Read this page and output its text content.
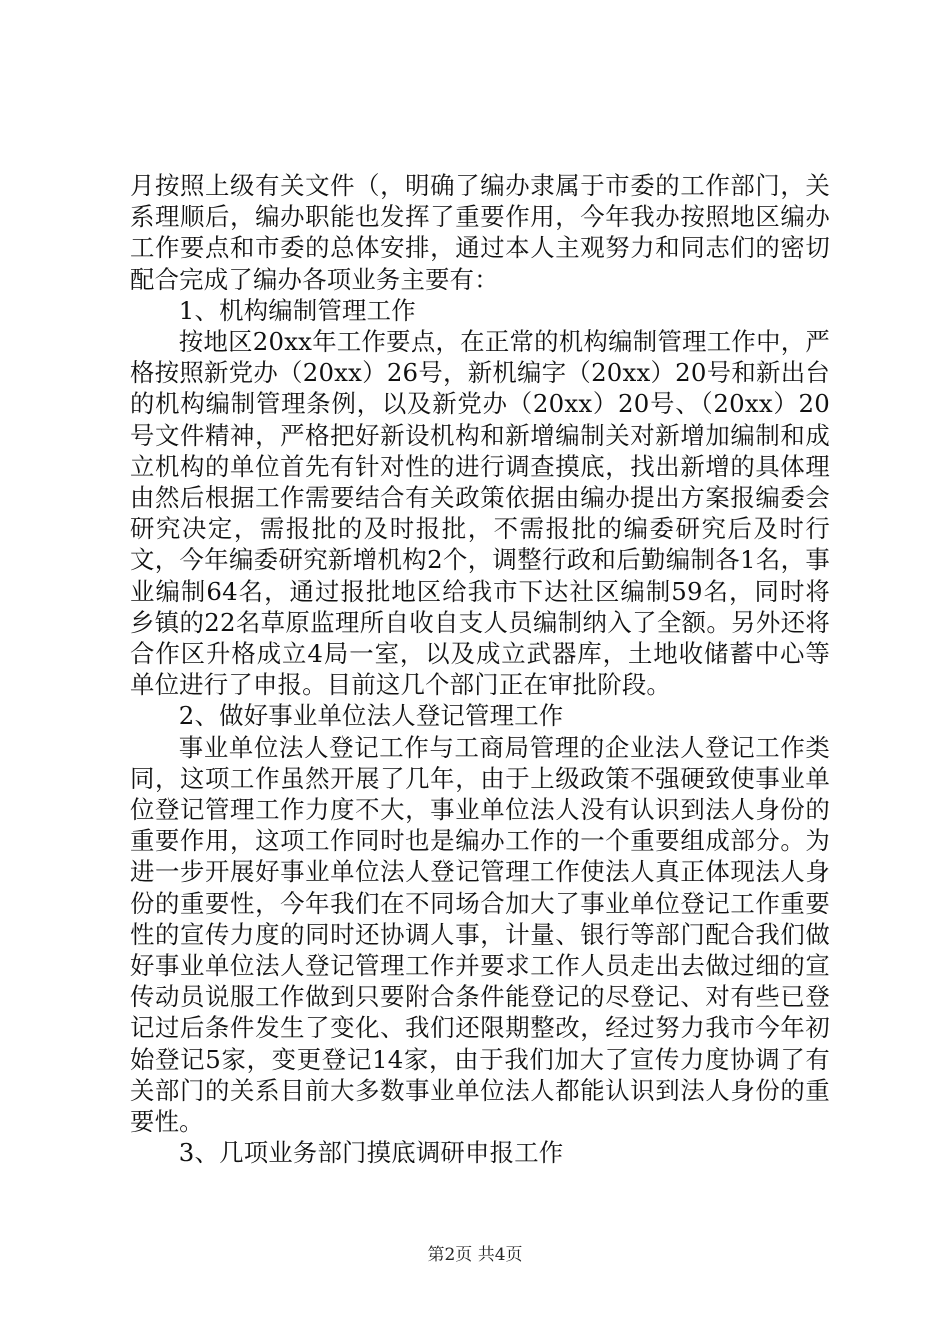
月按照上级有关文件（，明确了编办隶属于市委的工作部门，关系理顺后，编办职能也发挥了重要作用，今年我办按照地区编办工作要点和市委的总体安排，通过本人主观努力和同志们的密切配合完成了编办各项业务主要有：

1、机构编制管理工作

按地区20xx年工作要点，在正常的机构编制管理工作中，严格按照新党办（20xx）26号，新机编字（20xx）20号和新出台的机构编制管理条例，以及新党办（20xx）20号、（20xx）20号文件精神，严格把好新设机构和新增编制关对新增加编制和成立机构的单位首先有针对性的进行调查摸底，找出新增的具体理由然后根据工作需要结合有关政策依据由编办提出方案报编委会研究决定，需报批的及时报批，不需报批的编委研究后及时行文，今年编委研究新增机构2个，调整行政和后勤编制各1名，事业编制64名，通过报批地区给我市下达社区编制59名，同时将乡镇的22名草原监理所自收自支人员编制纳入了全额。另外还将合作区升格成立4局一室，以及成立武器库，土地收储蓄中心等单位进行了申报。目前这几个部门正在审批阶段。

2、做好事业单位法人登记管理工作

事业单位法人登记工作与工商局管理的企业法人登记工作类同，这项工作虽然开展了几年，由于上级政策不强硬致使事业单位登记管理工作力度不大，事业单位法人没有认识到法人身份的重要作用，这项工作同时也是编办工作的一个重要组成部分。为进一步开展好事业单位法人登记管理工作使法人真正体现法人身份的重要性，今年我们在不同场合加大了事业单位登记工作重要性的宣传力度的同时还协调人事，计量、银行等部门配合我们做好事业单位法人登记管理工作并要求工作人员走出去做过细的宣传动员说服工作做到只要附合条件能登记的尽登记、对有些已登记过后条件发生了变化、我们还限期整改，经过努力我市今年初始登记5家，变更登记14家，由于我们加大了宣传力度协调了有关部门的关系目前大多数事业单位法人都能认识到法人身份的重要性。

3、几项业务部门摸底调研申报工作

第2页 共4页
